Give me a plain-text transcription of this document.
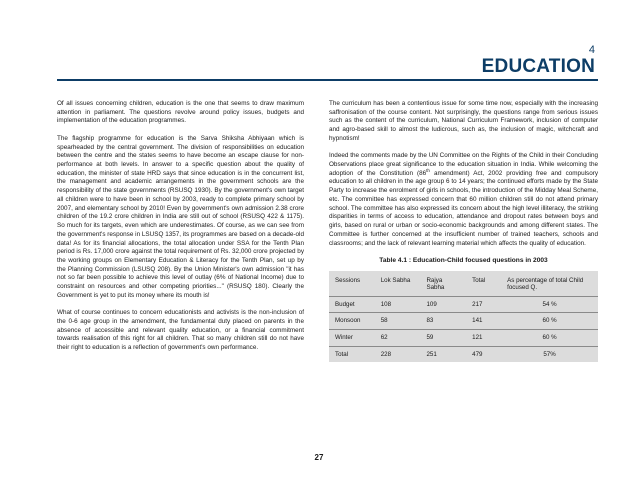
4
EDUCATION

Of all issues concerning children, education is the one that seems to draw maximum attention in parliament. The questions revolve around policy issues, budgets and implementation of the education programmes.

The flagship programme for education is the Sarva Shiksha Abhiyaan which is spearheaded by the central government. The division of responsibilities on education between the centre and the states seems to have become an escape clause for non-performance at both levels. In answer to a specific question about the quality of education, the minister of state HRD says that since education is in the concurrent list, the management and academic arrangements in the government schools are the responsibility of the state governments (RSUSQ 1930). By the government's own target all children were to have been in school by 2003, ready to complete primary school by 2007, and elementary school by 2010! Even by government's own admission 2.38 crore children of the 19.2 crore children in India are still out of school (RSUSQ 422 & 1175). So much for its targets, even which are underestimates. Of course, as we can see from the government's response in LSUSQ 1357, its programmes are based on a decade-old data! As for its financial allocations, the total allocation under SSA for the Tenth Plan period is Rs. 17,000 crore against the total requirement of Rs. 32,000 crore projected by the working groups on Elementary Education & Literacy for the Tenth Plan, set up by the Planning Commission (LSUSQ 208). By the Union Minister's own admission "it has not so far been possible to achieve this level of outlay (6% of National Income) due to constraint on resources and other competing priorities..." (RSUSQ 180). Clearly the Government is yet to put its money where its mouth is!

What of course continues to concern educationists and activists is the non-inclusion of the 0-6 age group in the amendment, the fundamental duty placed on parents in the absence of accessible and relevant quality education, or a financial commitment towards realisation of this right for all children. That so many children still do not have their right to education is a reflection of government's own performance.

The curriculum has been a contentious issue for some time now, especially with the increasing saffronisation of the course content. Not surprisingly, the questions range from serious issues such as the content of the curriculum, National Curriculum Framework, inclusion of computer and agro-based skill to almost the ludicrous, such as, the inclusion of magic, witchcraft and hypnotism!

Indeed the comments made by the UN Committee on the Rights of the Child in their Concluding Observations place great significance to the education situation in India. While welcoming the adoption of the Constitution (86th amendment) Act, 2002 providing free and compulsory education to all children in the age group 6 to 14 years; the continued efforts made by the State Party to increase the enrolment of girls in schools, the introduction of the Midday Meal Scheme, etc. The committee has expressed concern that 60 million children still do not attend primary school. The committee has also expressed its concern about the high level illiteracy, the striking disparities in terms of access to education, attendance and dropout rates between boys and girls, based on rural or urban or socio-economic backgrounds and among different states. The Committee is further concerned at the insufficient number of trained teachers, schools and classrooms; and the lack of relevant learning material which affects the quality of education.

Table 4.1 : Education-Child focused questions in 2003
Sessions	Lok Sabha	Rajya Sabha	Total	As percentage of total Child focused Q.
Budget	108	109	217	54 %
Monsoon	58	83	141	60 %
Winter	62	59	121	60 %
Total	228	251	479	57%
27
